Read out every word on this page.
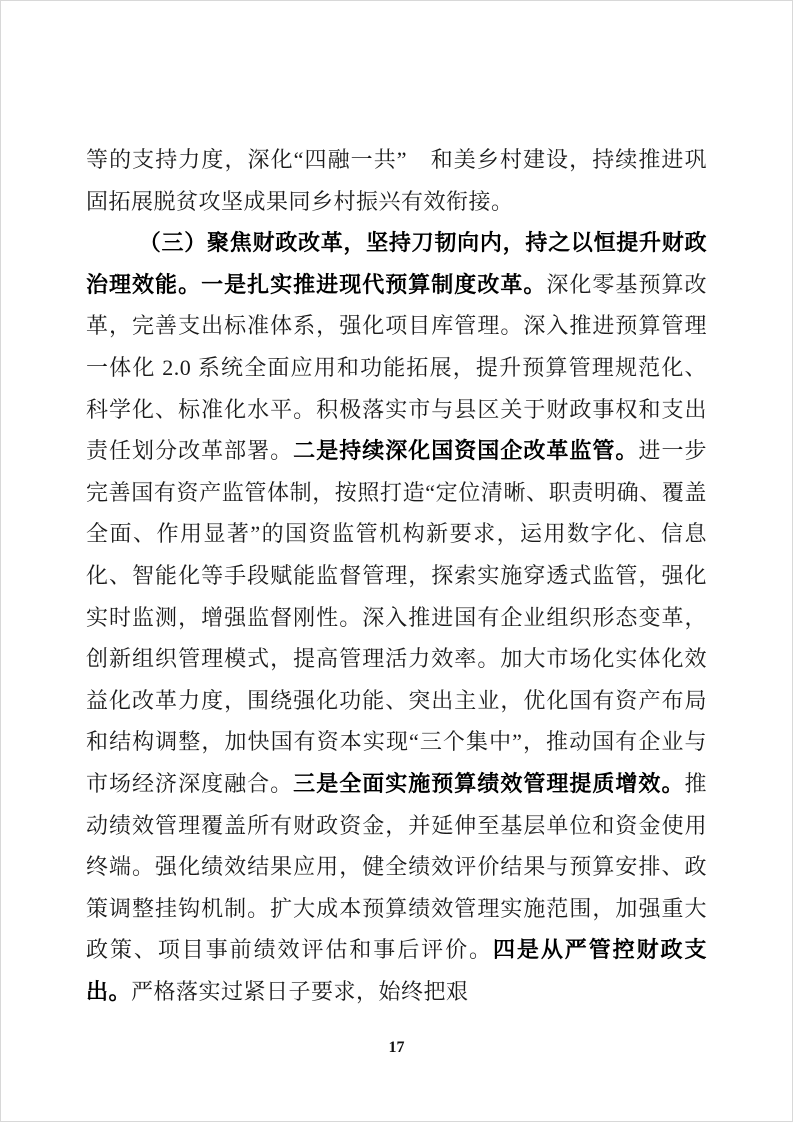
等的支持力度，深化“四融一共”　和美乡村建设，持续推进巩固拓展脱贫攻坚成果同乡村振兴有效衔接。

（三）聚焦财政改革，坚持刀韧向内，持之以恒提升财政治理效能。一是扎实推进现代预算制度改革。深化零基预算改革，完善支出标准体系，强化项目库管理。深入推进预算管理一体化 2.0 系统全面应用和功能拓展，提升预算管理规范化、科学化、标准化水平。积极落实市与县区关于财政事权和支出责任划分改革部署。二是持续深化国资国企改革监管。进一步完善国有资产监管体制，按照打造“定位清晰、职责明确、覆盖全面、作用显著”的国资监管机构新要求，运用数字化、信息化、智能化等手段赋能监督管理，探索实施穿透式监管，强化实时监测，增强监督刚性。深入推进国有企业组织形态变革，创新组织管理模式，提高管理活力效率。加大市场化实体化效益化改革力度，围绕强化功能、突出主业，优化国有资产布局和结构调整，加快国有资本实现“三个集中”，推动国有企业与市场经济深度融合。三是全面实施预算绩效管理提质增效。推动绩效管理覆盖所有财政资金，并延伸至基层单位和资金使用终端。强化绩效结果应用，健全绩效评价结果与预算安排、政策调整挂钩机制。扩大成本预算绩效管理实施范围，加强重大政策、项目事前绩效评估和事后评价。四是从严管控财政支出。严格落实过紧日子要求，始终把艰

17
